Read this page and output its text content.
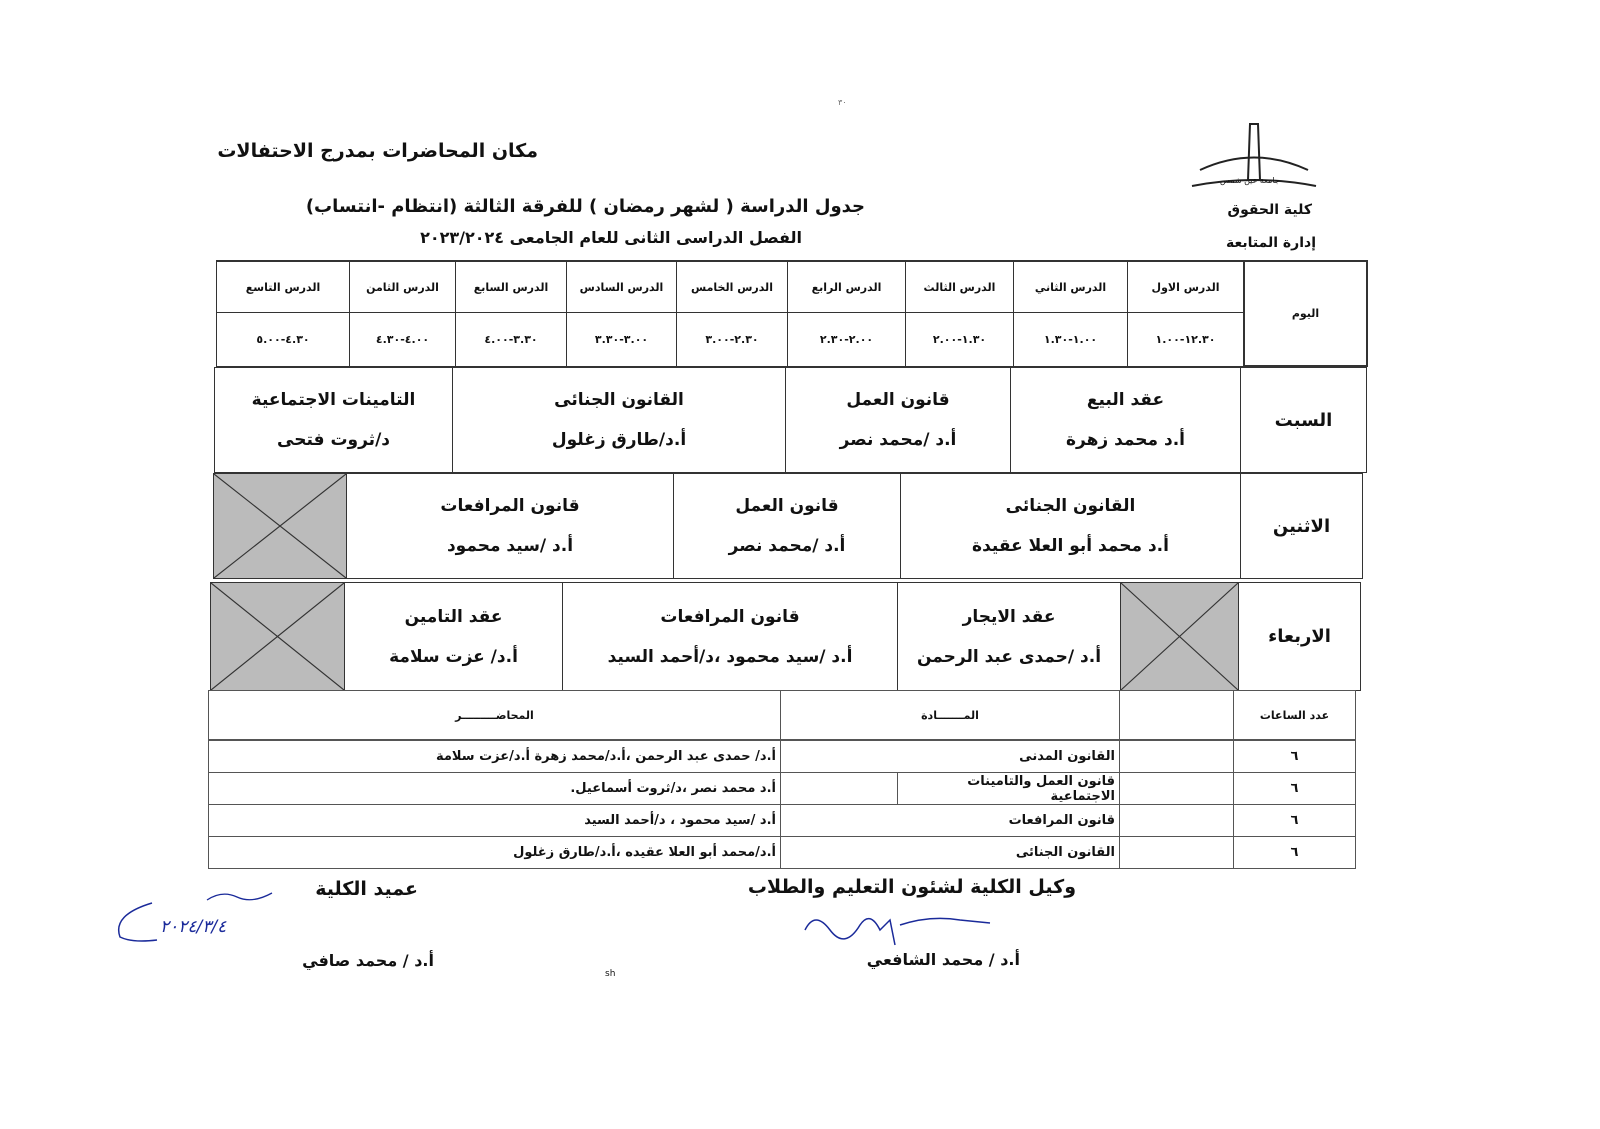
٣٠
مكان المحاضرات بمدرج الاحتفالات
جدول الدراسة ( لشهر رمضان ) للفرقة الثالثة (انتظام -انتساب)
الفصل الدراسى الثانى للعام الجامعى ٢٠٢٣/٢٠٢٤
جامعة عين شمس
كلية الحقوق
إدارة المتابعة
اليوم
الدرس الاول
١٢.٣٠-١.٠٠
الدرس الثاني
١.٠٠-١.٣٠
الدرس الثالث
١.٣٠-٢.٠٠
الدرس الرابع
٢.٠٠-٢.٣٠
الدرس الخامس
٢.٣٠-٣.٠٠
الدرس السادس
٣.٠٠-٣.٣٠
الدرس السابع
٣.٣٠-٤.٠٠
الدرس الثامن
٤.٠٠-٤.٣٠
الدرس التاسع
٤.٣٠-٥.٠٠
السبت
عقد البيع
أ.د محمد زهرة
قانون العمل
أ.د /محمد نصر
القانون الجنائى
أ.د/طارق زغلول
التامينات الاجتماعية
د/ثروت فتحى
الاثنين
القانون الجنائى
أ.د محمد أبو العلا عقيدة
قانون العمل
أ.د /محمد نصر
قانون المرافعات
أ.د /سيد محمود
الاربعاء
عقد الايجار
أ.د /حمدى عبد الرحمن
قانون المرافعات
أ.د /سيد محمود ،د/أحمد السيد
عقد التامين
أ.د/ عزت سلامة
عدد الساعات
المـــــــادة
المحاضـــــــــر
٦
القانون المدنى
أ.د/ حمدى عبد الرحمن ،أ.د/محمد زهرة أ.د/عزت سلامة
٦
قانون العمل والتامينات الاجتماعية
أ.د محمد نصر ،د/ثروت أسماعيل.
٦
قانون المرافعات
أ.د /سيد محمود ، د/أحمد السيد
٦
القانون الجنائى
أ.د/محمد أبو العلا عقيده ،أ.د/طارق زغلول
وكيل الكلية لشئون التعليم والطلاب
أ.د / محمد الشافعي
عميد الكلية
أ.د / محمد صافي
٢٠٢٤/٣/٤
sh
